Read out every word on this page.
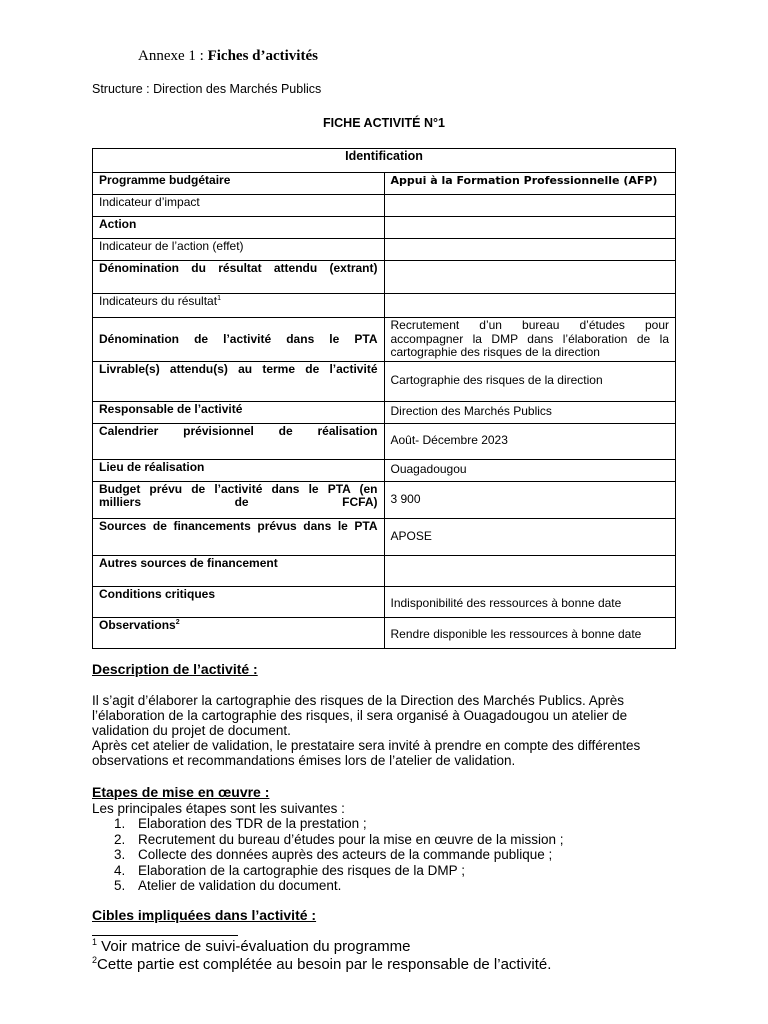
Annexe 1 : Fiches d’activités
Structure : Direction des Marchés Publics
FICHE ACTIVITÉ N°1
Identification	
Programme budgétaire	Appui à la Formation Professionnelle (AFP)
Indicateur d’impact	
Action	
Indicateur de l’action (effet)	
Dénomination du résultat attendu (extrant)	
Indicateurs du résultat$^1$	
Dénomination de l’activité dans le PTA	Recrutement d’un bureau d’études pour accompagner la DMP dans l’élaboration de la cartographie des risques de la direction
Livrable(s) attendu(s) au terme de l’activité	Cartographie des risques de la direction
Responsable de l’activité	Direction des Marchés Publics
Calendrier prévisionnel de réalisation	Août- Décembre 2023
Lieu de réalisation	Ouagadougou
Budget prévu de l’activité dans le PTA (en milliers de FCFA)	3 900
Sources de financements prévus dans le PTA	APOSE
Autres sources de financement	
Conditions critiques	Indisponibilité des ressources à bonne date
Observations$^2$	Rendre disponible les ressources à bonne date
Description de l’activité :
Il s’agit d’élaborer la cartographie des risques de la Direction des Marchés Publics. Après l’élaboration de la cartographie des risques, il sera organisé à Ouagadougou un atelier de validation du projet de document.
Après cet atelier de validation, le prestataire sera invité à prendre en compte des différentes observations et recommandations émises lors de l’atelier de validation.
Etapes de mise en œuvre :
Les principales étapes sont les suivantes :
1. Elaboration des TDR de la prestation ;
2. Recrutement du bureau d’études pour la mise en œuvre de la mission ;
3. Collecte des données auprès des acteurs de la commande publique ;
4. Elaboration de la cartographie des risques de la DMP ;
5. Atelier de validation du document.
Cibles impliquées dans l’activité :
$^1$ Voir matrice de suivi-évaluation du programme
$^2$Cette partie est complétée au besoin par le responsable de l’activité.
